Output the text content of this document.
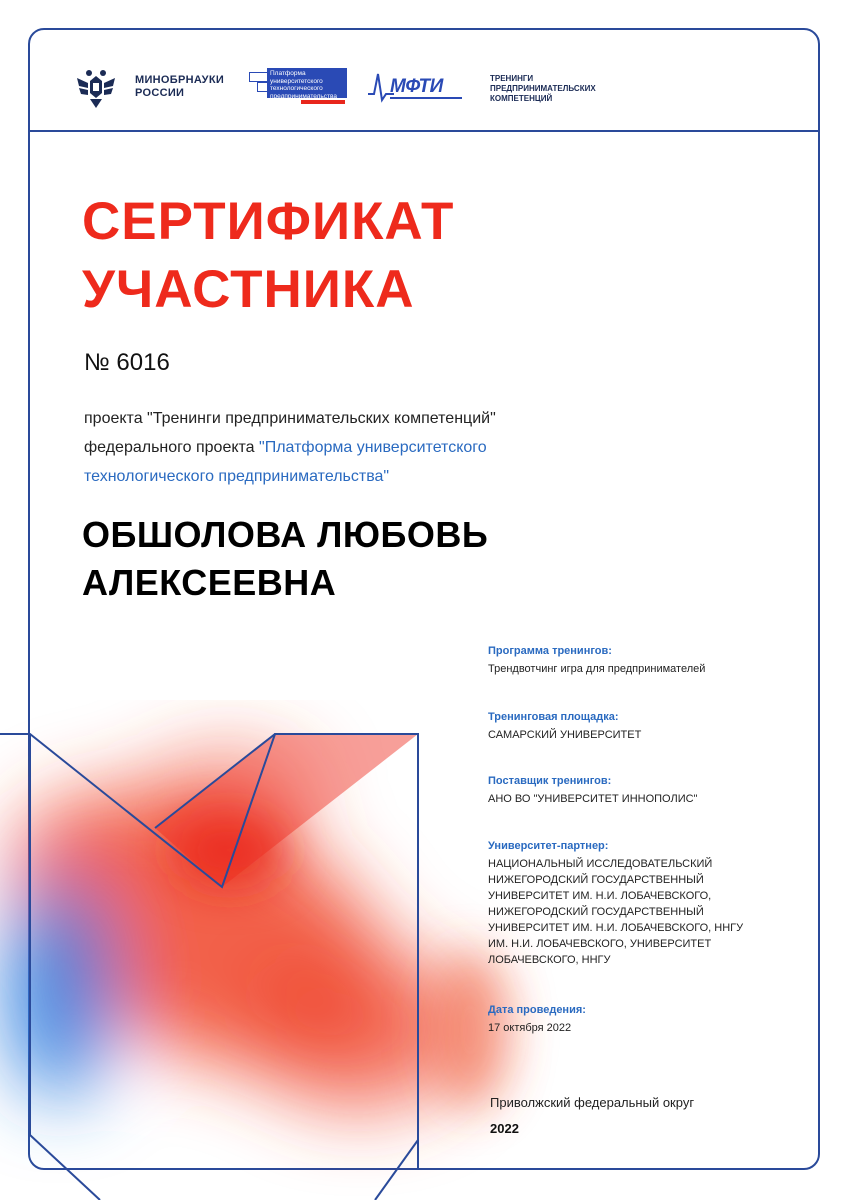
МИНОБРНАУКИ
РОССИИ
Платформа университетского технологического предпринимательства	МФТИ	ТРЕНИНГИ
ПРЕДПРИНИМАТЕЛЬСКИХ
КОМПЕТЕНЦИЙ
СЕРТИФИКАТ
УЧАСТНИКА
№ 6016
проекта "Тренинги предпринимательских компетенций"
федерального проекта "Платформа университетского
технологического предпринимательства"
ОБШОЛОВА ЛЮБОВЬ
АЛЕКСЕЕВНА
Программа тренингов:
Трендвотчинг игра для предпринимателей
Тренинговая площадка:
САМАРСКИЙ УНИВЕРСИТЕТ
Поставщик тренингов:
АНО ВО "УНИВЕРСИТЕТ ИННОПОЛИС"
Университет-партнер:
НАЦИОНАЛЬНЫЙ ИССЛЕДОВАТЕЛЬСКИЙ
НИЖЕГОРОДСКИЙ ГОСУДАРСТВЕННЫЙ
УНИВЕРСИТЕТ ИМ. Н.И. ЛОБАЧЕВСКОГО,
НИЖЕГОРОДСКИЙ ГОСУДАРСТВЕННЫЙ
УНИВЕРСИТЕТ ИМ. Н.И. ЛОБАЧЕВСКОГО, ННГУ
ИМ. Н.И. ЛОБАЧЕВСКОГО, УНИВЕРСИТЕТ
ЛОБАЧЕВСКОГО, ННГУ
Дата проведения:
17 октября 2022
Приволжский федеральный округ
2022
